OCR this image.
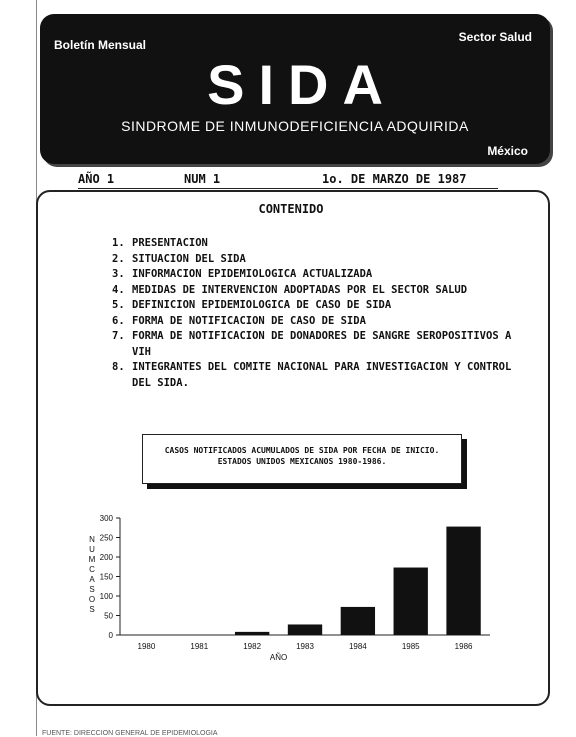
Boletín Mensual
Sector Salud
SIDA
SINDROME DE INMUNODEFICIENCIA ADQUIRIDA
México
AÑO 1	NUM 1	1o. DE MARZO DE 1987
CONTENIDO
1. PRESENTACION
2. SITUACION DEL SIDA
3. INFORMACION EPIDEMIOLOGICA ACTUALIZADA
4. MEDIDAS DE INTERVENCION ADOPTADAS POR EL SECTOR SALUD
5. DEFINICION EPIDEMIOLOGICA DE CASO DE SIDA
6. FORMA DE NOTIFICACION DE CASO DE SIDA
7. FORMA DE NOTIFICACION DE DONADORES DE SANGRE SEROPOSITIVOS A VIH
8. INTEGRANTES DEL COMITE NACIONAL PARA INVESTIGACION Y CONTROL DEL SIDA.
CASOS NOTIFICADOS ACUMULADOS DE SIDA POR FECHA DE INICIO.
ESTADOS UNIDOS MEXICANOS 1980-1986.
0
50
100
150
200
250
300
N
U
M
C
A
S
O
S
1980	1981	1982	1983	1984	1985	1986
AÑO
FUENTE: DIRECCION GENERAL DE EPIDEMIOLOGIA
